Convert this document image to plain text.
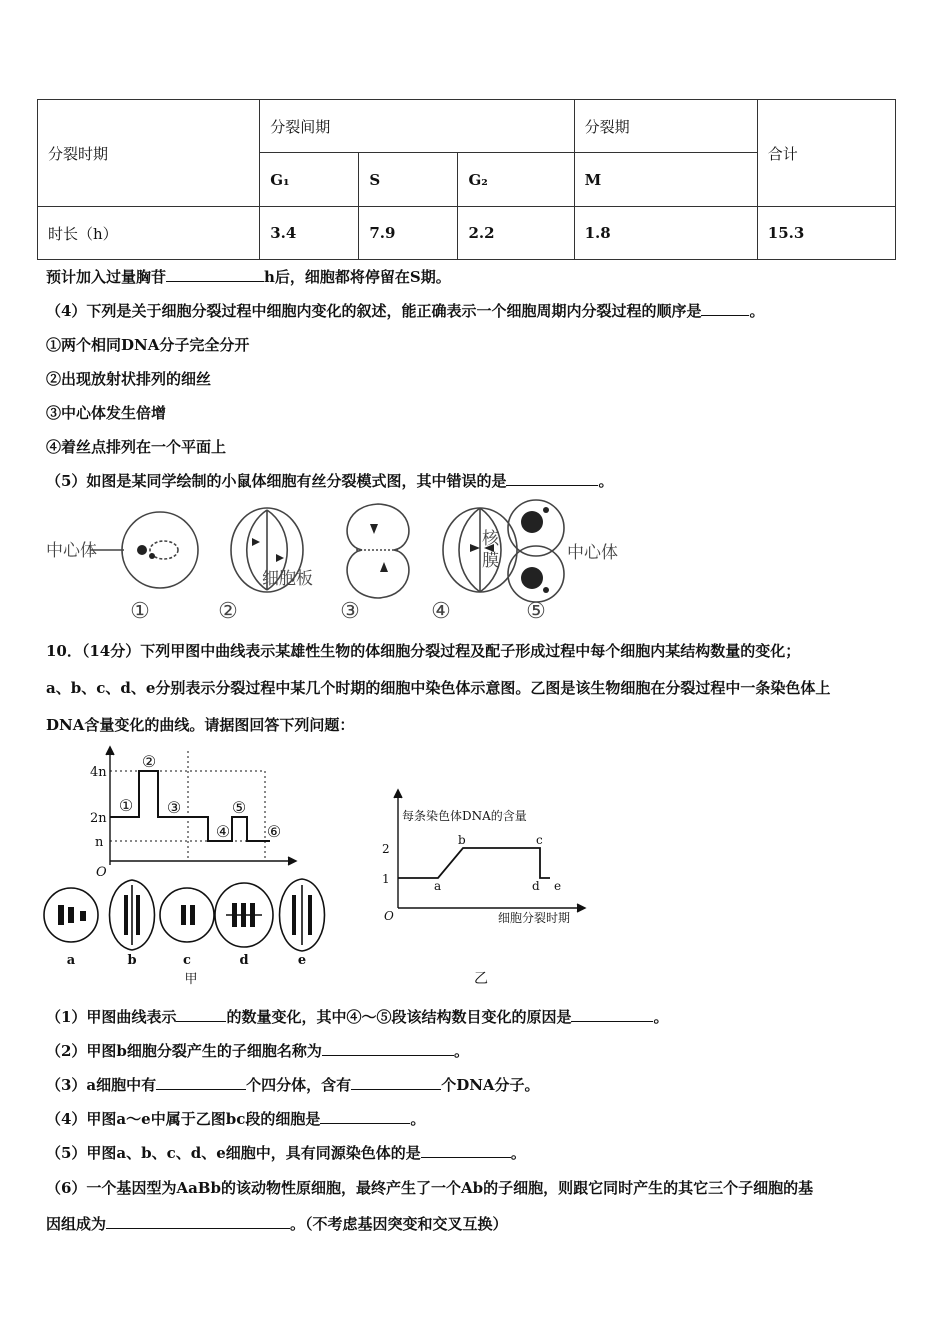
分裂时期	分裂间期			分裂期	合计
	G₁	S	G₂	M	
时长（h）	3.4	7.9	2.2	1.8	15.3
预计加入过量胸苷	h后，细胞都将停留在S期。
（4）下列是关于细胞分裂过程中细胞内变化的叙述，能正确表示一个细胞周期内分裂过程的顺序是	。
①两个相同DNA分子完全分开
②出现放射状排列的细丝
③中心体发生倍增
④着丝点排列在一个平面上
（5）如图是某同学绘制的小鼠体细胞有丝分裂模式图，其中错误的是	。
中心体
细胞板
核
膜	中心体
①	②	③	④	⑤
10．（14分）下列甲图中曲线表示某雄性生物的体细胞分裂过程及配子形成过程中每个细胞内某结构数量的变化；
a、b、c、d、e分别表示分裂过程中某几个时期的细胞中染色体示意图。乙图是该生物细胞在分裂过程中一条染色体上
DNA含量变化的曲线。请据图回答下列问题：
4n
2n
n
O
①
②
③
④
⑤
⑥
a	b	c	d	e
甲
每条染色体DNA的含量
2
1
O	细胞分裂时期
a
b	c
d e
乙
（1）甲图曲线表示	的数量变化，其中④～⑤段该结构数目变化的原因是	。
（2）甲图b细胞分裂产生的子细胞名称为	。
（3）a细胞中有	个四分体，含有	个DNA分子。
（4）甲图a～e中属于乙图bc段的细胞是	。
（5）甲图a、b、c、d、e细胞中，具有同源染色体的是	。
（6）一个基因型为AaBb的该动物性原细胞，最终产生了一个Ab的子细胞，则跟它同时产生的其它三个子细胞的基
因组成为	。（不考虑基因突变和交叉互换）
